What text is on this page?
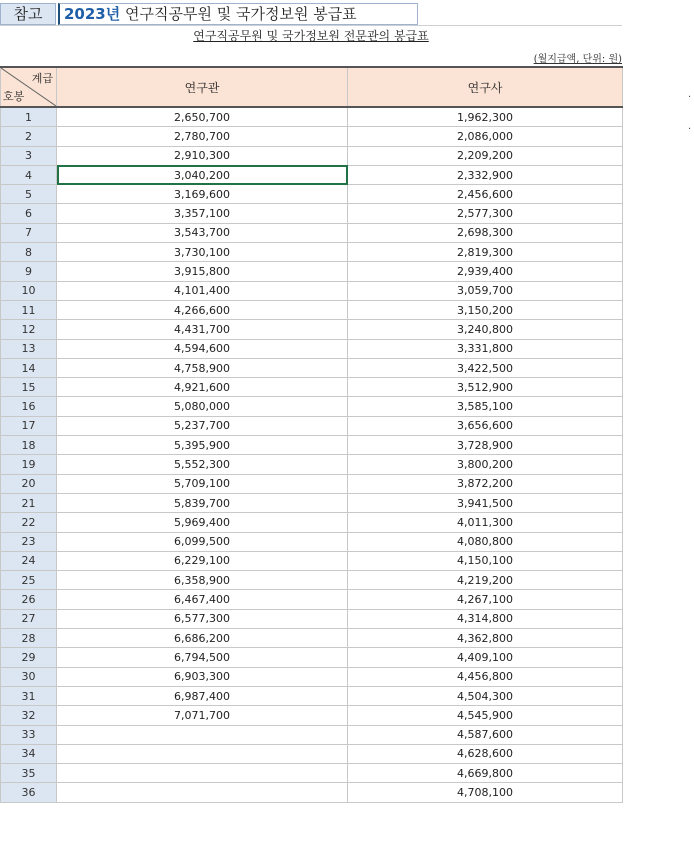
참고	2023년 연구직공무원 및 국가정보원 봉급표
연구직공무원 및 국가정보원 전문관의 봉급표
(월지급액, 단위: 원)
계급
호봉	연구관	연구사
1	2,650,700	1,962,300
2	2,780,700	2,086,000
3	2,910,300	2,209,200
4	3,040,200	2,332,900
5	3,169,600	2,456,600
6	3,357,100	2,577,300
7	3,543,700	2,698,300
8	3,730,100	2,819,300
9	3,915,800	2,939,400
10	4,101,400	3,059,700
11	4,266,600	3,150,200
12	4,431,700	3,240,800
13	4,594,600	3,331,800
14	4,758,900	3,422,500
15	4,921,600	3,512,900
16	5,080,000	3,585,100
17	5,237,700	3,656,600
18	5,395,900	3,728,900
19	5,552,300	3,800,200
20	5,709,100	3,872,200
21	5,839,700	3,941,500
22	5,969,400	4,011,300
23	6,099,500	4,080,800
24	6,229,100	4,150,100
25	6,358,900	4,219,200
26	6,467,400	4,267,100
27	6,577,300	4,314,800
28	6,686,200	4,362,800
29	6,794,500	4,409,100
30	6,903,300	4,456,800
31	6,987,400	4,504,300
32	7,071,700	4,545,900
33		4,587,600
34		4,628,600
35		4,669,800
36		4,708,100
·
·
